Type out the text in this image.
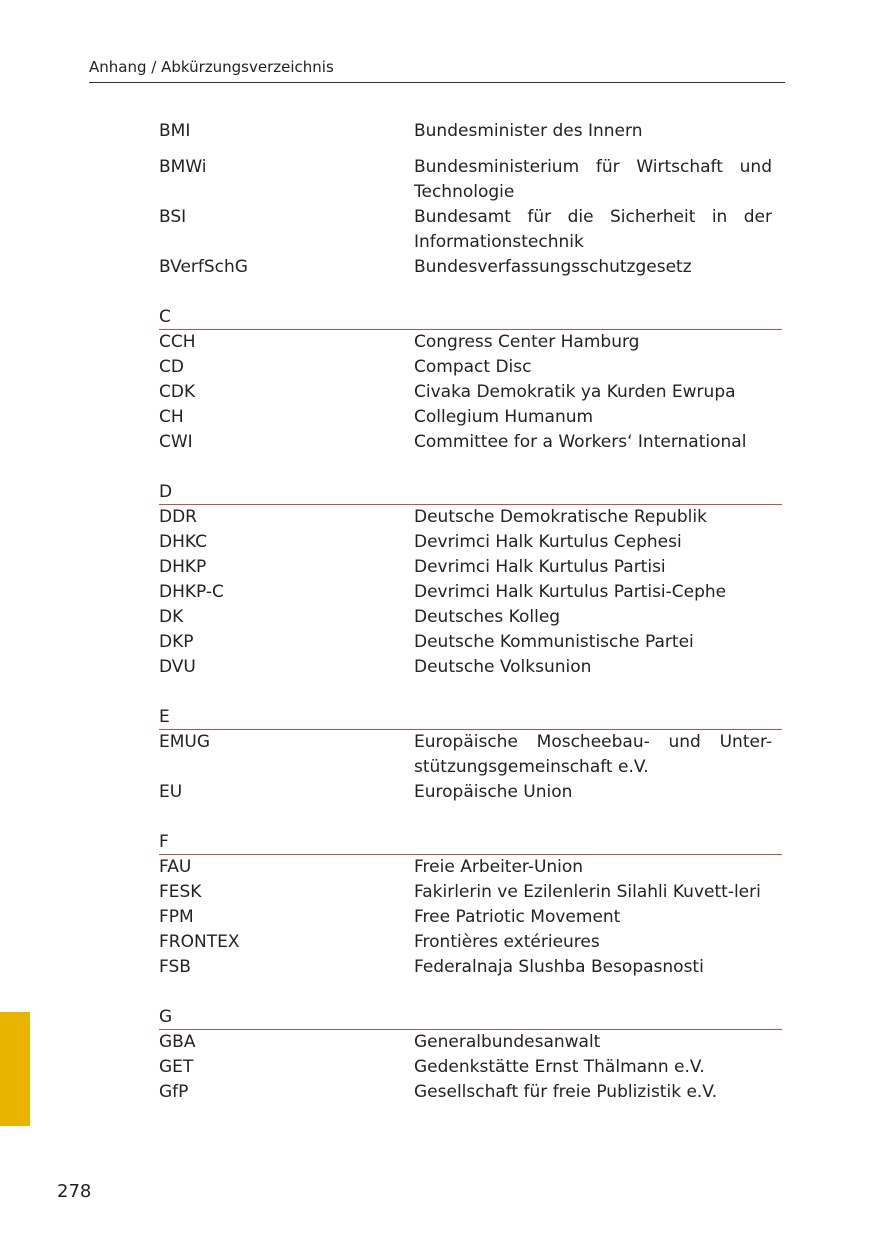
Anhang / Abkürzungsverzeichnis
BMI	Bundesminister des Innern
BMWi	Bundesministerium für Wirtschaft und Technologie
BSI	Bundesamt für die Sicherheit in der Informationstechnik
BVerfSchG	Bundesverfassungsschutzgesetz
C
CCH	Congress Center Hamburg
CD	Compact Disc
CDK	Civaka Demokratik ya Kurden Ewrupa
CH	Collegium Humanum
CWI	Committee for a Workers‘ International
D
DDR	Deutsche Demokratische Republik
DHKC	Devrimci Halk Kurtulus Cephesi
DHKP	Devrimci Halk Kurtulus Partisi
DHKP-C	Devrimci Halk Kurtulus Partisi-Cephe
DK	Deutsches Kolleg
DKP	Deutsche Kommunistische Partei
DVU	Deutsche Volksunion
E
EMUG	Europäische Moscheebau- und Unter-stützungsgemeinschaft e.V.
EU	Europäische Union
F
FAU	Freie Arbeiter-Union
FESK	Fakirlerin ve Ezilenlerin Silahli Kuvett-leri
FPM	Free Patriotic Movement
FRONTEX	Frontières extérieures
FSB	Federalnaja Slushba Besopasnosti
G
GBA	Generalbundesanwalt
GET	Gedenkstätte Ernst Thälmann e.V.
GfP	Gesellschaft für freie Publizistik e.V.
278
